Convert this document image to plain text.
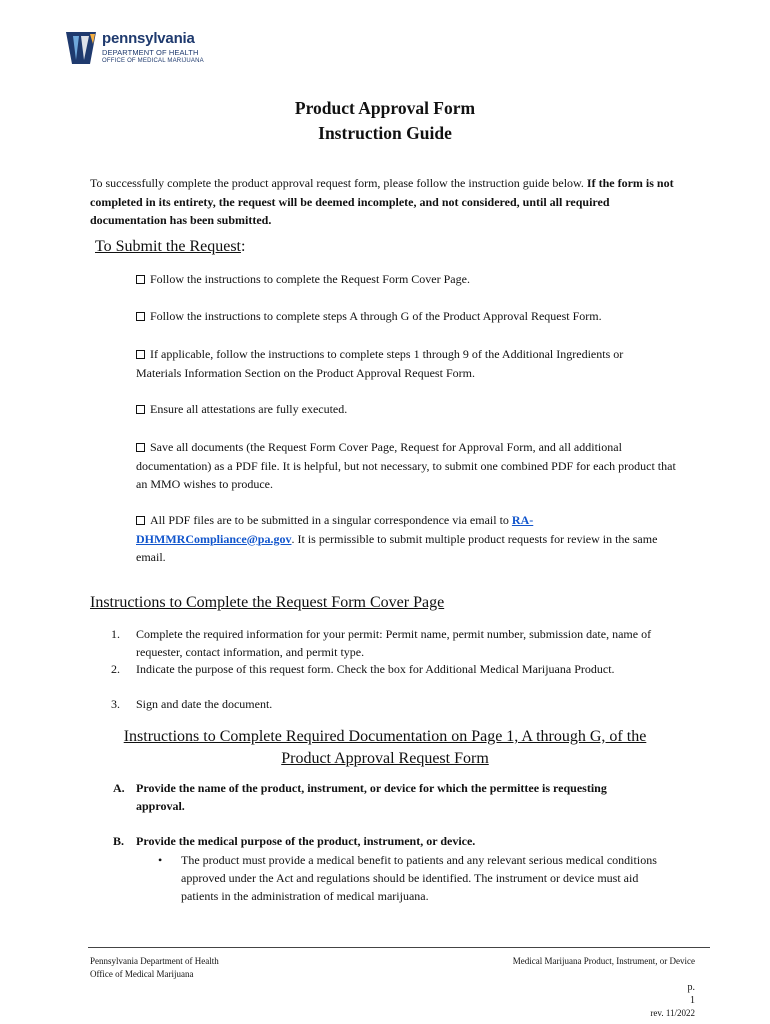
pennsylvania
DEPARTMENT OF HEALTH
OFFICE OF MEDICAL MARIJUANA
Product Approval Form
Instruction Guide
To successfully complete the product approval request form, please follow the instruction guide below. If the form is not completed in its entirety, the request will be deemed incomplete, and not considered, until all required documentation has been submitted.
To Submit the Request:
Follow the instructions to complete the Request Form Cover Page.
Follow the instructions to complete steps A through G of the Product Approval Request Form.
If applicable, follow the instructions to complete steps 1 through 9 of the Additional Ingredients or Materials Information Section on the Product Approval Request Form.
Ensure all attestations are fully executed.
Save all documents (the Request Form Cover Page, Request for Approval Form, and all additional documentation) as a PDF file. It is helpful, but not necessary, to submit one combined PDF for each product that an MMO wishes to produce.
All PDF files are to be submitted in a singular correspondence via email to RA-DHMMRCompliance@pa.gov. It is permissible to submit multiple product requests for review in the same email.
Instructions to Complete the Request Form Cover Page
1. Complete the required information for your permit: Permit name, permit number, submission date, name of requester, contact information, and permit type.
2. Indicate the purpose of this request form. Check the box for Additional Medical Marijuana Product.
3. Sign and date the document.
Instructions to Complete Required Documentation on Page 1, A through G, of the
Product Approval Request Form
A. Provide the name of the product, instrument, or device for which the permittee is requesting approval.
B. Provide the medical purpose of the product, instrument, or device.
• The product must provide a medical benefit to patients and any relevant serious medical conditions approved under the Act and regulations should be identified. The instrument or device must aid patients in the administration of medical marijuana.
Pennsylvania Department of Health
Office of Medical Marijuana
Medical Marijuana Product, Instrument, or Device

p.
1
rev. 11/2022
